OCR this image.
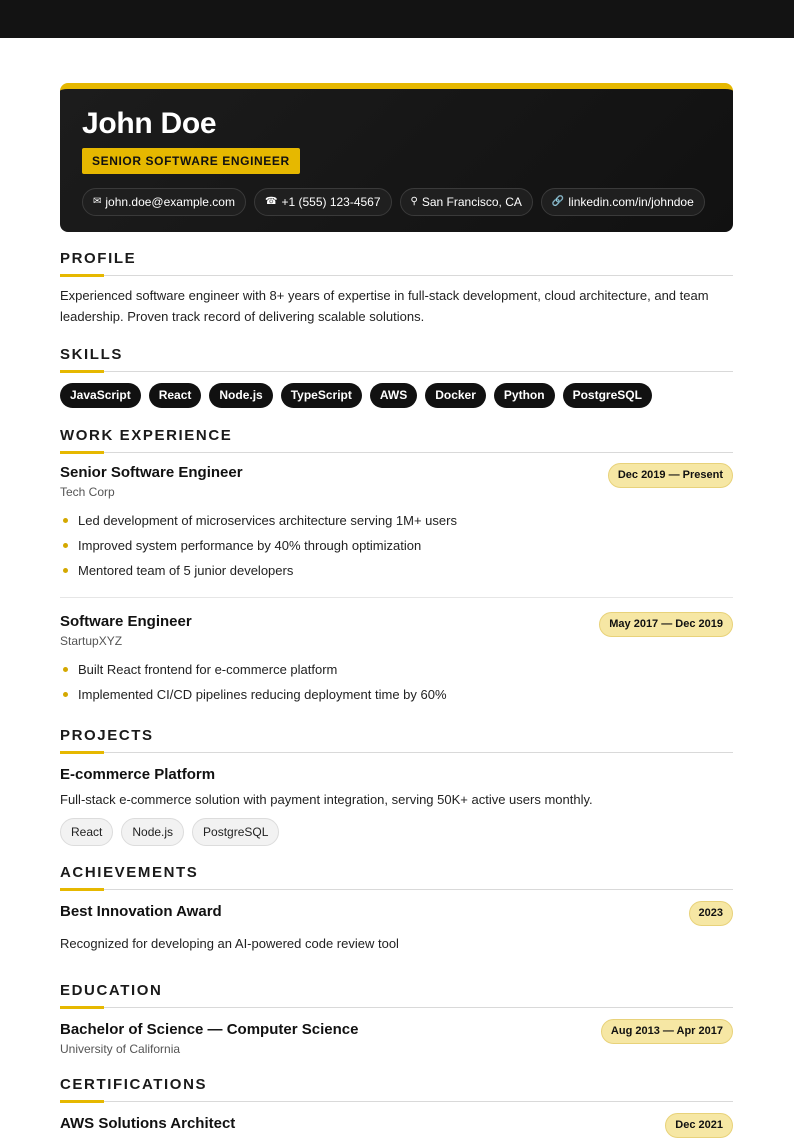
John Doe
SENIOR SOFTWARE ENGINEER
✉ john.doe@example.com	☎ +1 (555) 123-4567	⚲ San Francisco, CA	🔗 linkedin.com/in/johndoe
PROFILE

Experienced software engineer with 8+ years of expertise in full-stack development, cloud architecture, and team leadership. Proven track record of delivering scalable solutions.

SKILLS
JavaScript	React	Node.js	TypeScript	AWS	Docker	Python	PostgreSQL
WORK EXPERIENCE
Senior Software Engineer
Tech Corp
Dec 2019 — Present
Led development of microservices architecture serving 1M+ users
Improved system performance by 40% through optimization
Mentored team of 5 junior developers
Software Engineer
StartupXYZ
May 2017 — Dec 2019
Built React frontend for e-commerce platform
Implemented CI/CD pipelines reducing deployment time by 60%
PROJECTS
E-commerce Platform
Full-stack e-commerce solution with payment integration, serving 50K+ active users monthly.
React	Node.js	PostgreSQL
ACHIEVEMENTS
Best Innovation Award	2023
Recognized for developing an AI-powered code review tool
EDUCATION
Bachelor of Science — Computer Science
University of California
Aug 2013 — Apr 2017
CERTIFICATIONS
AWS Solutions Architect	Dec 2021
